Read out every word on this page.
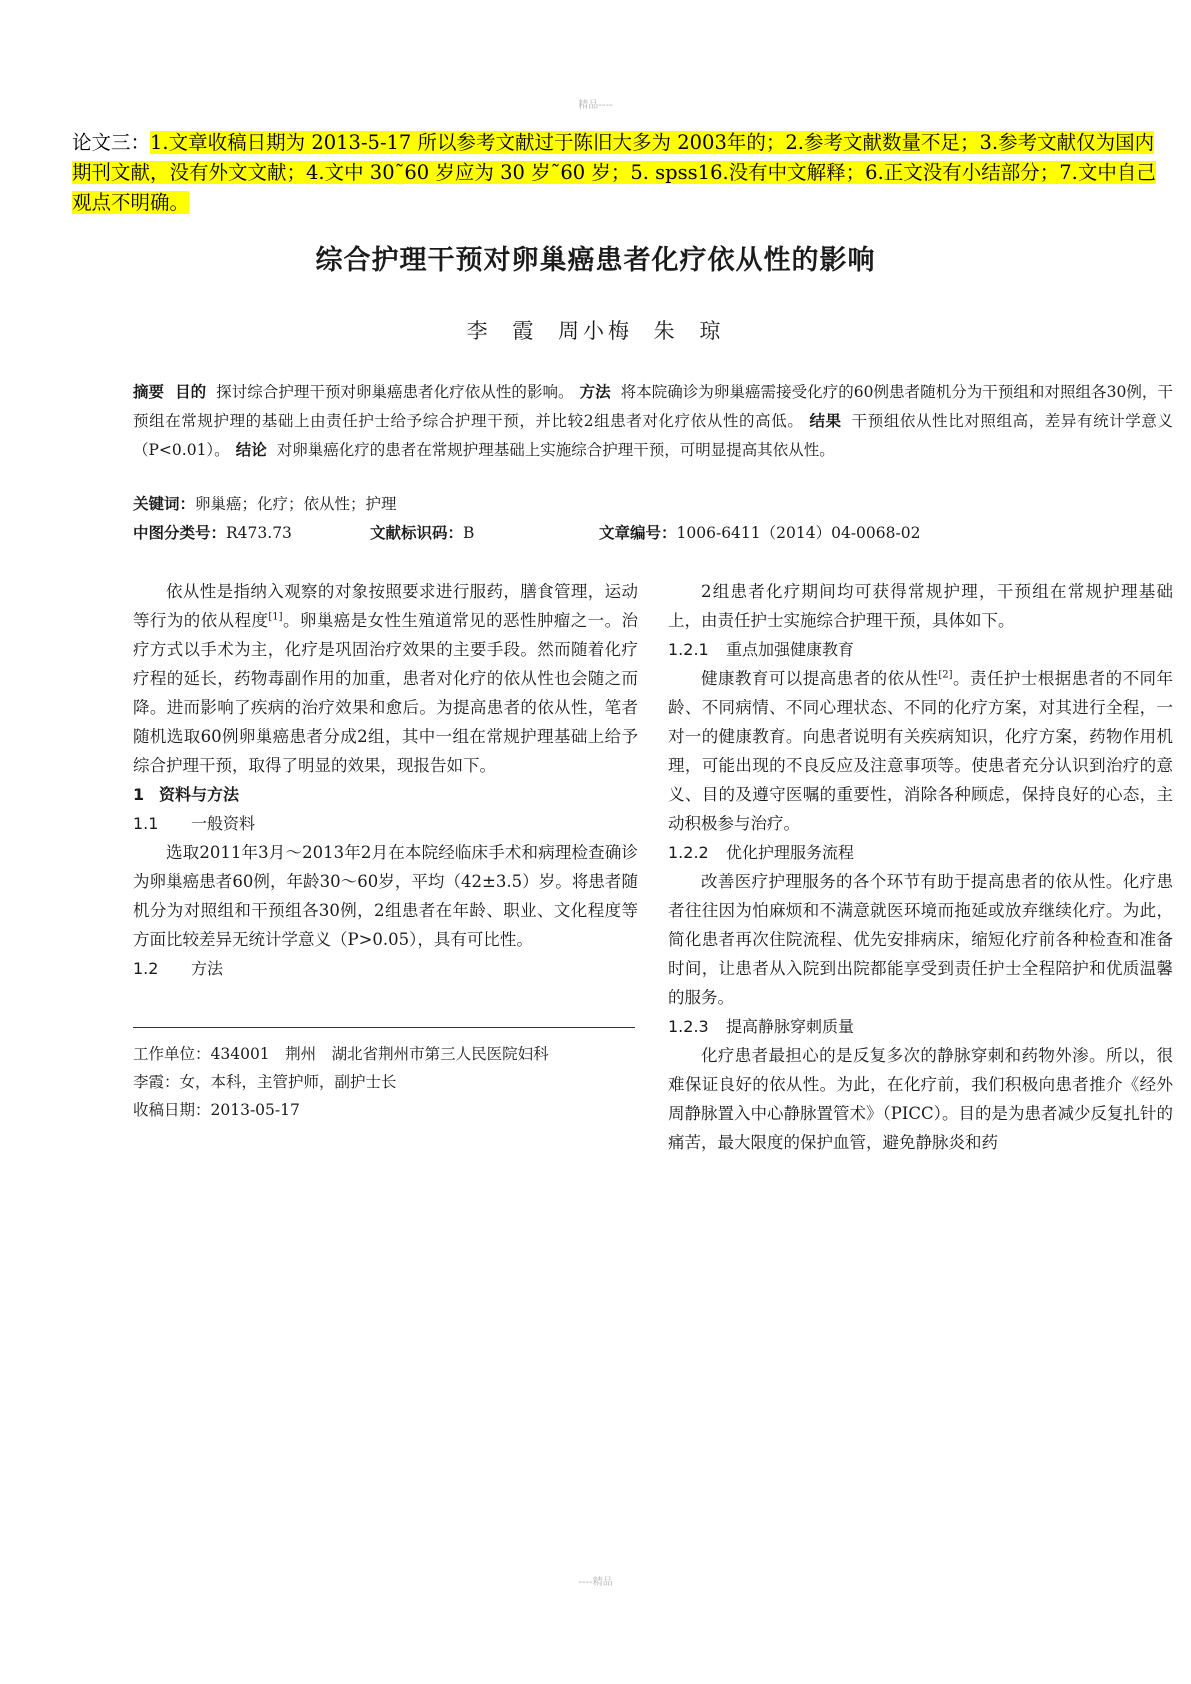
精品----
论文三：1.文章收稿日期为 2013-5-17 所以参考文献过于陈旧大多为 2003年的；2.参考文献数量不足；3.参考文献仅为国内期刊文献，没有外文文献；4.文中 30˜60 岁应为 30 岁˜60 岁；5. spss16.没有中文解释；6.正文没有小结部分；7.文中自己观点不明确。
综合护理干预对卵巢癌患者化疗依从性的影响
李 霞 周小梅 朱 琼
摘要 目的 探讨综合护理干预对卵巢癌患者化疗依从性的影响。 方法 将本院确诊为卵巢癌需接受化疗的60例患者随机分为干预组和对照组各30例，干预组在常规护理的基础上由责任护士给予综合护理干预，并比较2组患者对化疗依从性的高低。 结果 干预组依从性比对照组高，差异有统计学意义（P<0.01）。 结论 对卵巢癌化疗的患者在常规护理基础上实施综合护理干预，可明显提高其依从性。
关键词：卵巢癌；化疗；依从性；护理
中图分类号：R473.73	文献标识码：B	文章编号：1006-6411（2014）04-0068-02

依从性是指纳入观察的对象按照要求进行服药，膳食管理，运动等行为的依从程度[1]。卵巢癌是女性生殖道常见的恶性肿瘤之一。治疗方式以手术为主，化疗是巩固治疗效果的主要手段。然而随着化疗疗程的延长，药物毒副作用的加重，患者对化疗的依从性也会随之而降。进而影响了疾病的治疗效果和愈后。为提高患者的依从性，笔者随机选取60例卵巢癌患者分成2组，其中一组在常规护理基础上给予综合护理干预，取得了明显的效果，现报告如下。

1 资料与方法
1.1 一般资料

选取2011年3月～2013年2月在本院经临床手术和病理检查确诊为卵巢癌患者60例，年龄30～60岁，平均（42±3.5）岁。将患者随机分为对照组和干预组各30例，2组患者在年龄、职业、文化程度等方面比较差异无统计学意义（P>0.05），具有可比性。

1.2 方法

2组患者化疗期间均可获得常规护理，干预组在常规护理基础上，由责任护士实施综合护理干预，具体如下。

1.2.1 重点加强健康教育

健康教育可以提高患者的依从性[2]。责任护士根据患者的不同年龄、不同病情、不同心理状态、不同的化疗方案，对其进行全程，一对一的健康教育。向患者说明有关疾病知识，化疗方案，药物作用机理，可能出现的不良反应及注意事项等。使患者充分认识到治疗的意义、目的及遵守医嘱的重要性，消除各种顾虑，保持良好的心态，主动积极参与治疗。

1.2.2 优化护理服务流程

改善医疗护理服务的各个环节有助于提高患者的依从性。化疗患者往往因为怕麻烦和不满意就医环境而拖延或放弃继续化疗。为此，简化患者再次住院流程、优先安排病床，缩短化疗前各种检查和准备时间，让患者从入院到出院都能享受到责任护士全程陪护和优质温馨的服务。

1.2.3 提高静脉穿刺质量

化疗患者最担心的是反复多次的静脉穿刺和药物外渗。所以，很难保证良好的依从性。为此，在化疗前，我们积极向患者推介《经外周静脉置入中心静脉置管术》（PICC）。目的是为患者减少反复扎针的痛苦，最大限度的保护血管，避免静脉炎和药

工作单位：434001　荆州　湖北省荆州市第三人民医院妇科
李霞：女，本科，主管护师，副护士长
收稿日期：2013-05-17
----精品
